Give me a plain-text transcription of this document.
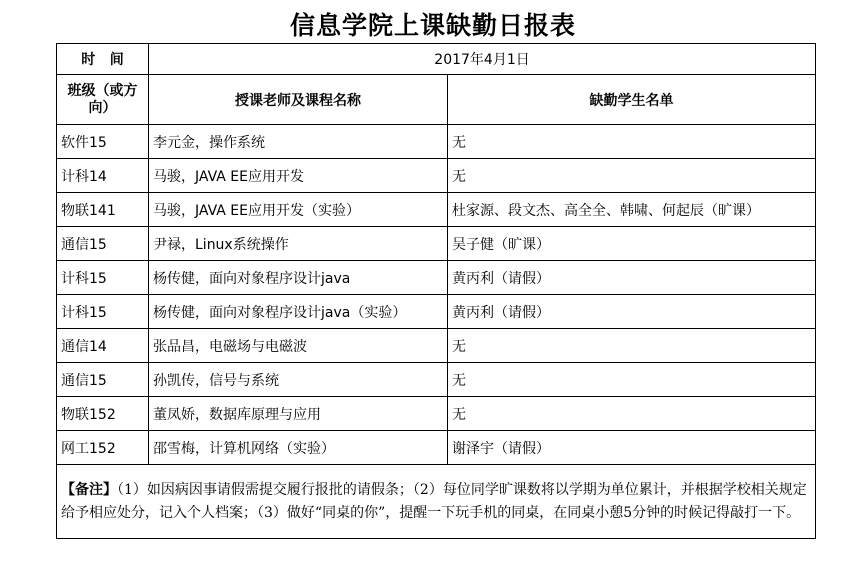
信息学院上课缺勤日报表
时   间	2017年4月1日	
班级（或方向）	授课老师及课程名称	缺勤学生名单
软件15	李元金，操作系统	无
计科14	马骏，JAVA EE应用开发	无
物联141	马骏，JAVA EE应用开发（实验）	杜家源、段文杰、高全全、韩啸、何起辰（旷课）
通信15	尹禄，Linux系统操作	吴子健（旷课）
计科15	杨传健，面向对象程序设计java	黄丙利（请假）
计科15	杨传健，面向对象程序设计java（实验）	黄丙利（请假）
通信14	张品昌，电磁场与电磁波	无
通信15	孙凯传，信号与系统	无
物联152	董凤娇，数据库原理与应用	无
网工152	邵雪梅，计算机网络（实验）	谢泽宇（请假）
【备注】（1）如因病因事请假需提交履行报批的请假条；（2）每位同学旷课数将以学期为单位累计，并根据学校相关规定给予相应处分，记入个人档案；（3）做好“同桌的你”，提醒一下玩手机的同桌，在同桌小憩5分钟的时候记得敲打一下。		
